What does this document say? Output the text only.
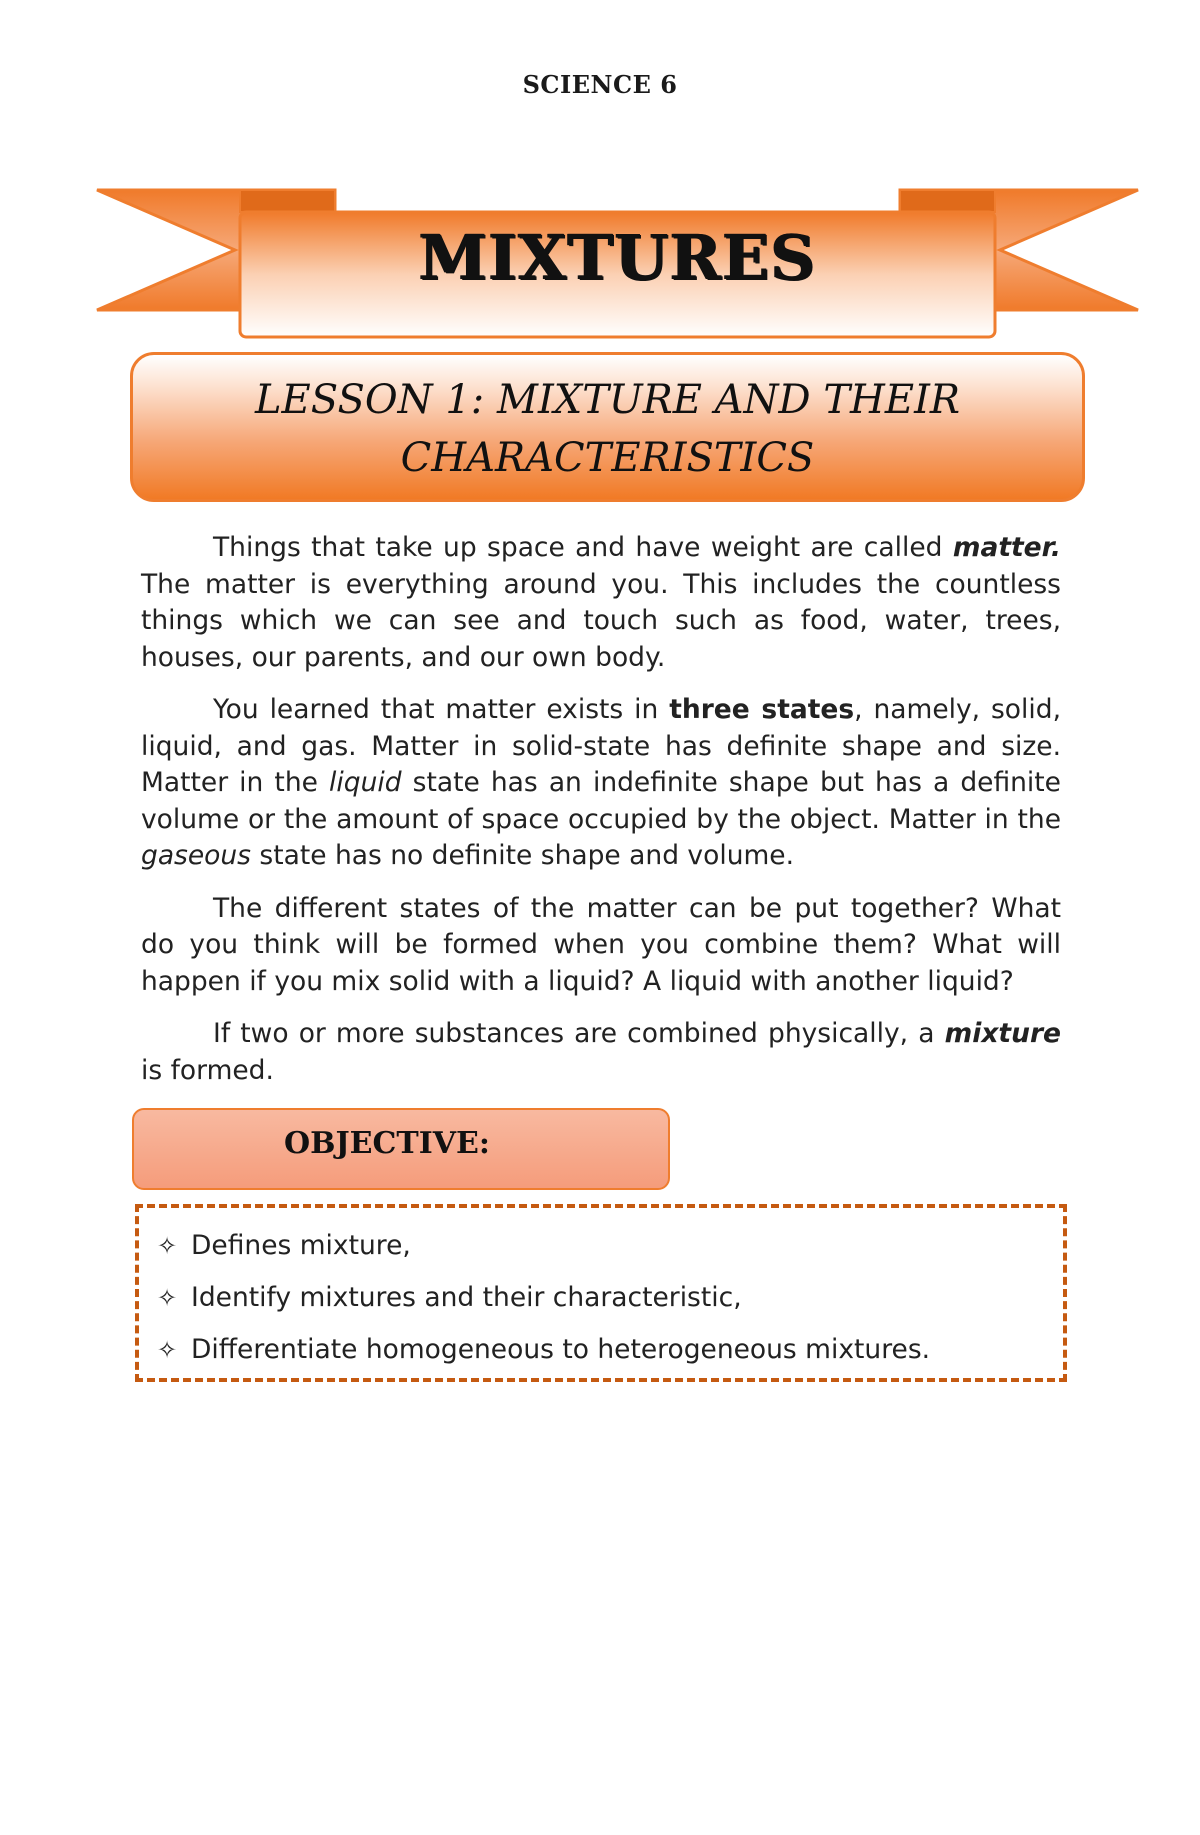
SCIENCE 6
MIXTURES
LESSON 1: MIXTURE AND THEIR
CHARACTERISTICS

Things that take up space and have weight are called matter. The matter is everything around you. This includes the countless things which we can see and touch such as food, water, trees, houses, our parents, and our own body.

You learned that matter exists in three states, namely, solid, liquid, and gas. Matter in solid-state has definite shape and size. Matter in the liquid state has an indefinite shape but has a definite volume or the amount of space occupied by the object. Matter in the gaseous state has no definite shape and volume.

The different states of the matter can be put together? What do you think will be formed when you combine them? What will happen if you mix solid with a liquid? A liquid with another liquid?

If two or more substances are combined physically, a mixture is formed.

OBJECTIVE:
✧ Defines mixture,
✧ Identify mixtures and their characteristic,
✧ Differentiate homogeneous to heterogeneous mixtures.
